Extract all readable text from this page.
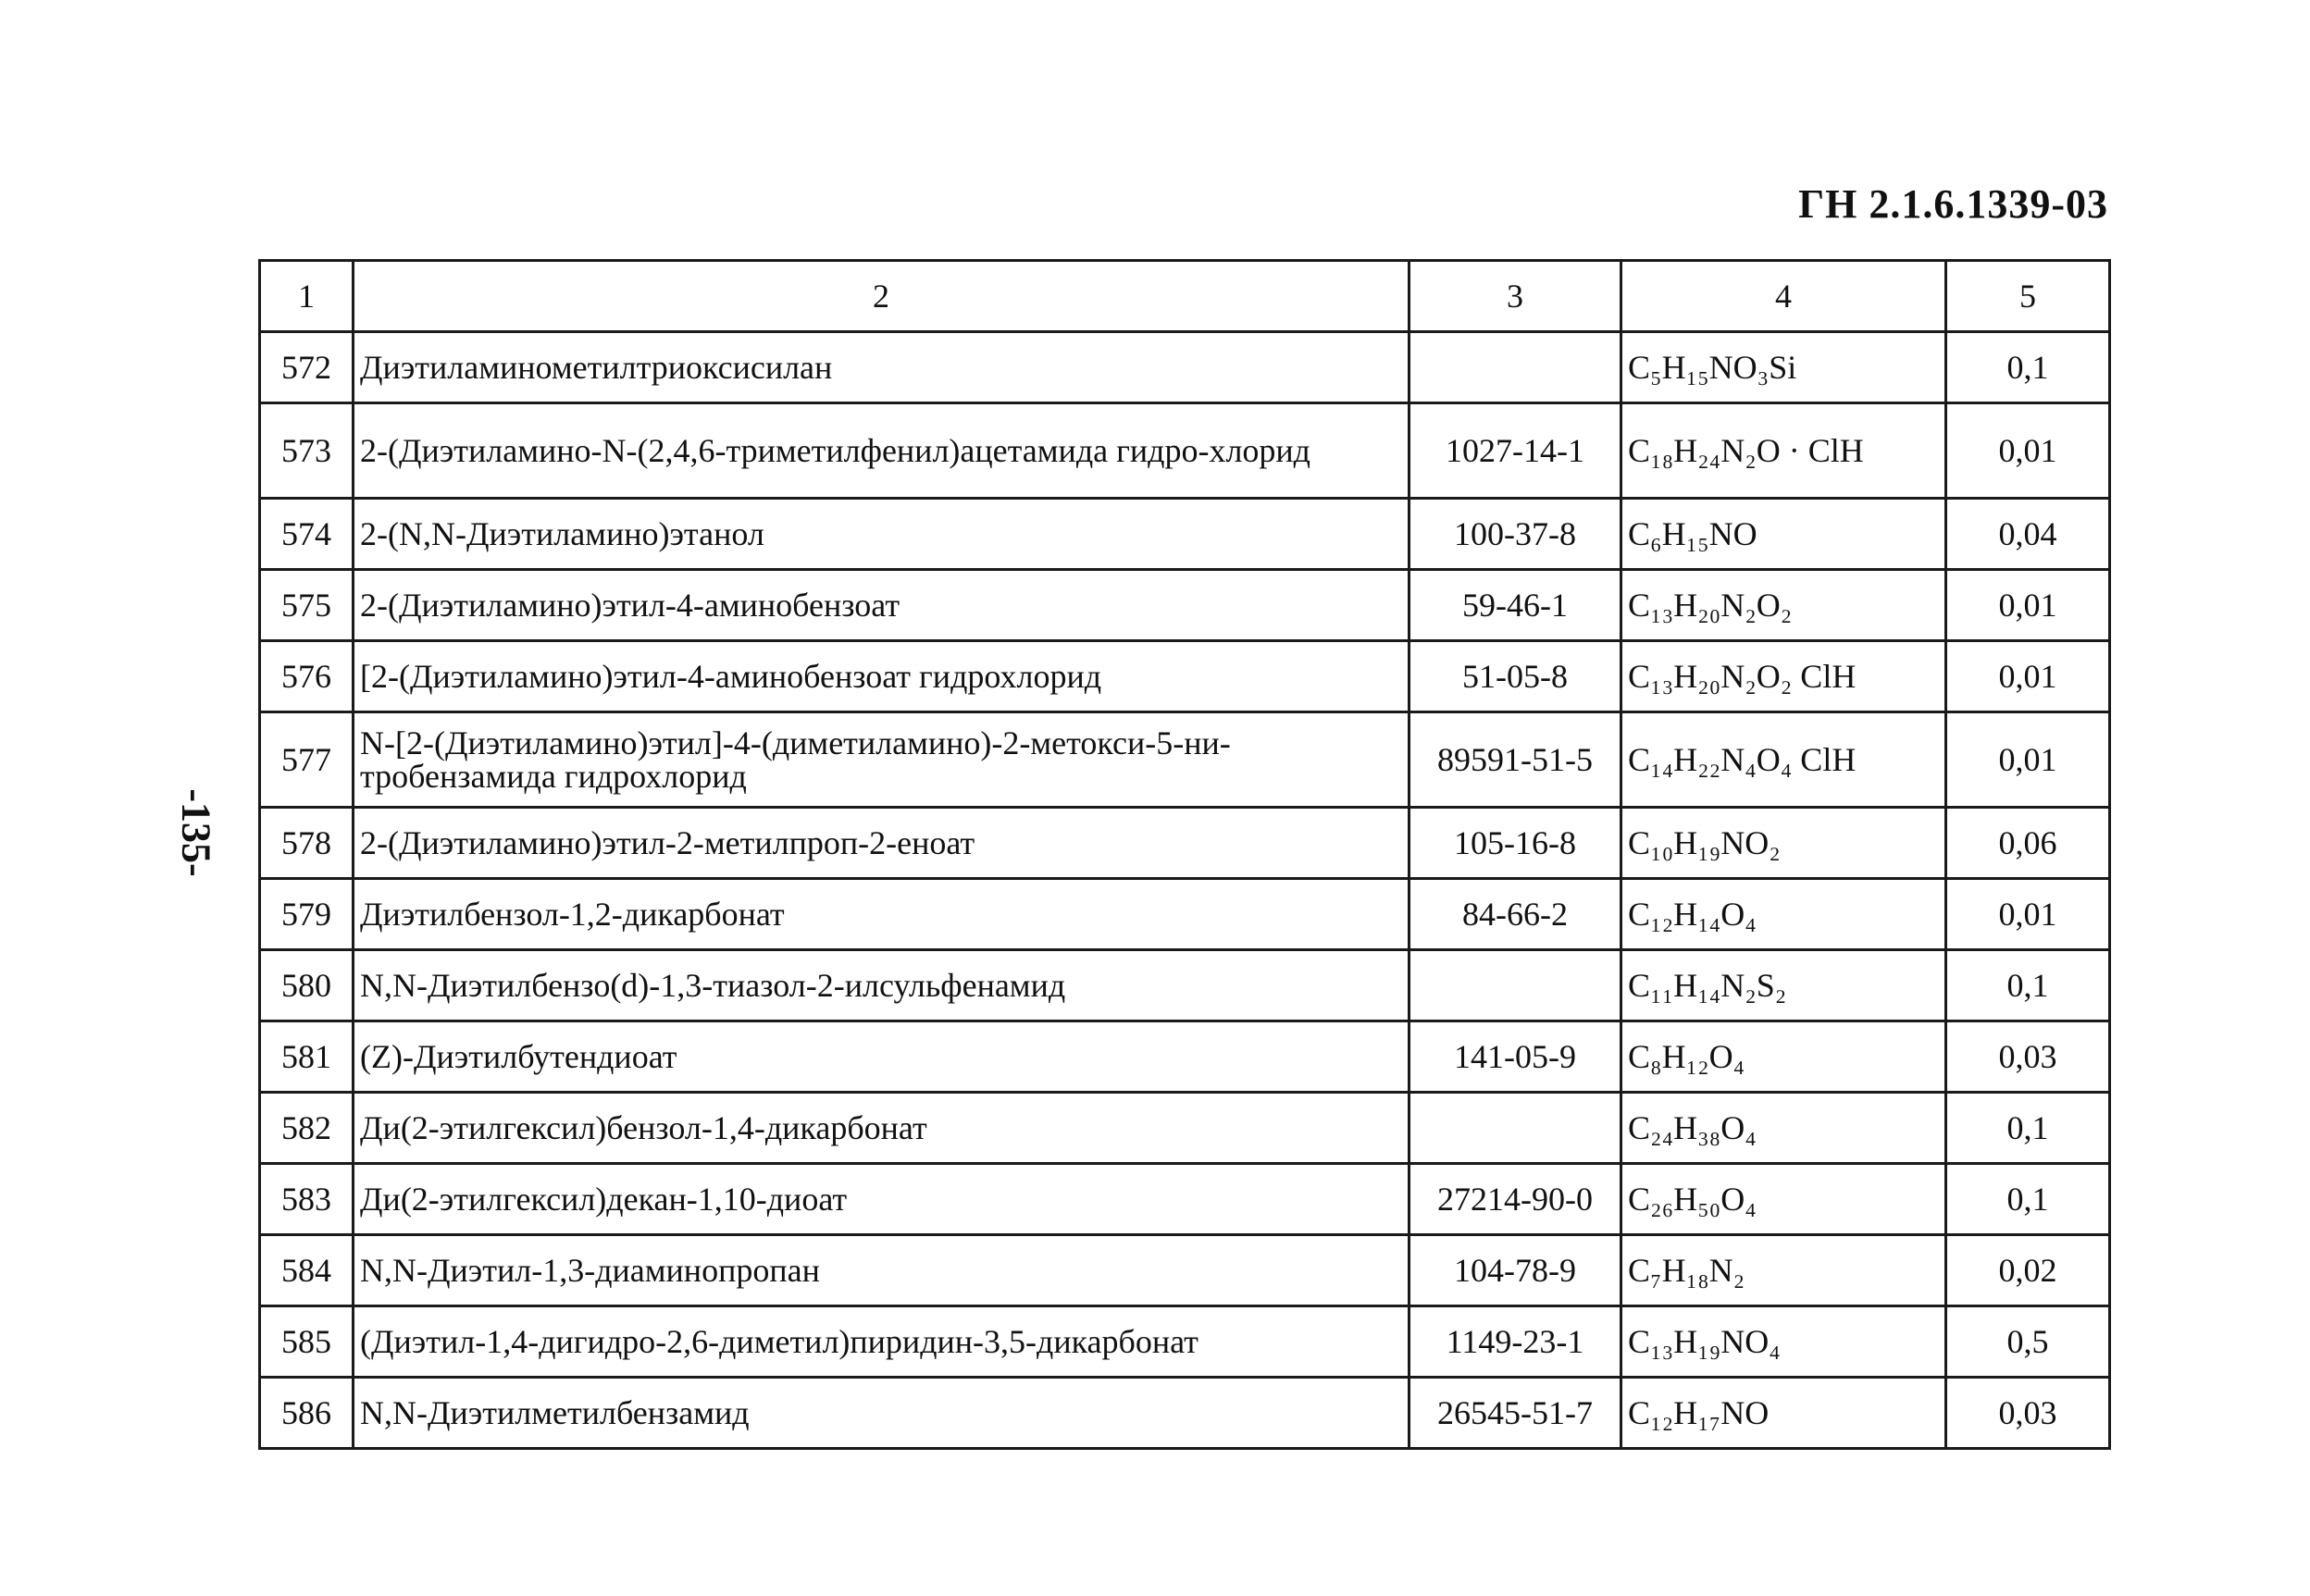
ГН 2.1.6.1339-03
-135-
1	2	3	4	5
572	Диэтиламинометилтриоксисилан		C₅H₁₅NO₃Si	0,1
573	2-(Диэтиламино-N-(2,4,6-триметилфенил)ацетамида гидро-хлорид	1027-14-1	C₁₈H₂₄N₂O · ClH	0,01
574	2-(N,N-Диэтиламино)этанол	100-37-8	C₆H₁₅NO	0,04
575	2-(Диэтиламино)этил-4-аминобензоат	59-46-1	C₁₃H₂₀N₂O₂	0,01
576	[2-(Диэтиламино)этил-4-аминобензоат гидрохлорид	51-05-8	C₁₃H₂₀N₂O₂ ClH	0,01
577	N-[2-(Диэтиламино)этил]-4-(диметиламино)-2-метокси-5-ни-тробензамида гидрохлорид	89591-51-5	C₁₄H₂₂N₄O₄ ClH	0,01
578	2-(Диэтиламино)этил-2-метилпроп-2-еноат	105-16-8	C₁₀H₁₉NO₂	0,06
579	Диэтилбензол-1,2-дикарбонат	84-66-2	C₁₂H₁₄O₄	0,01
580	N,N-Диэтилбензо(d)-1,3-тиазол-2-илсульфенамид		C₁₁H₁₄N₂S₂	0,1
581	(Z)-Диэтилбутендиоат	141-05-9	C₈H₁₂O₄	0,03
582	Ди(2-этилгексил)бензол-1,4-дикарбонат		C₂₄H₃₈O₄	0,1
583	Ди(2-этилгексил)декан-1,10-диоат	27214-90-0	C₂₆H₅₀O₄	0,1
584	N,N-Диэтил-1,3-диаминопропан	104-78-9	C₇H₁₈N₂	0,02
585	(Диэтил-1,4-дигидро-2,6-диметил)пиридин-3,5-дикарбонат	1149-23-1	C₁₃H₁₉NO₄	0,5
586	N,N-Диэтилметилбензамид	26545-51-7	C₁₂H₁₇NO	0,03
